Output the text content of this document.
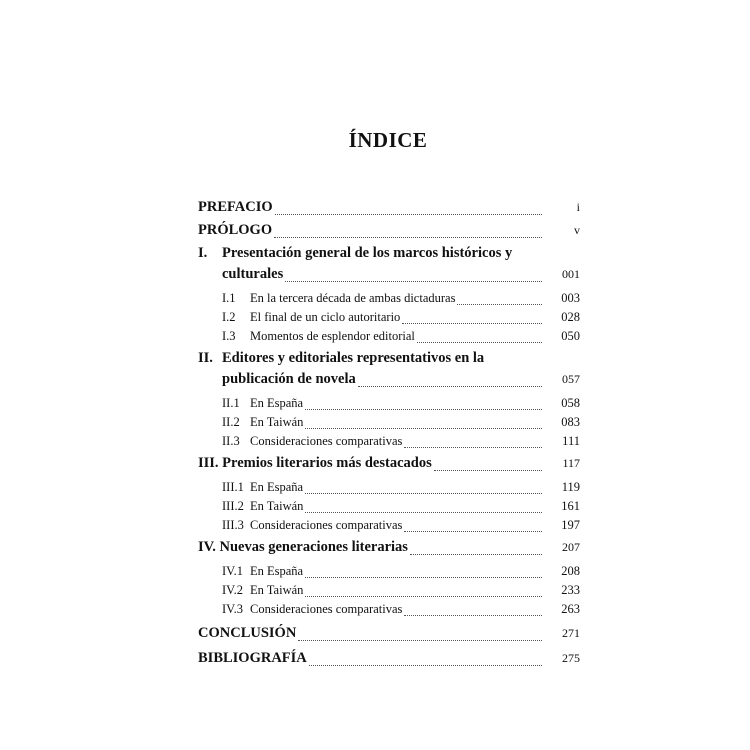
ÍNDICE
PREFACIO	i
PRÓLOGO	v
I. Presentación general de los marcos históricos y
culturales	001
I.1 En la tercera década de ambas dictaduras	003
I.2 El final de un ciclo autoritario	028
I.3 Momentos de esplendor editorial	050
II. Editores y editoriales representativos en la
publicación de novela	057
II.1 En España	058
II.2 En Taiwán	083
II.3 Consideraciones comparativas	111
III. Premios literarios más destacados	117
III.1 En España	119
III.2 En Taiwán	161
III.3 Consideraciones comparativas	197
IV. Nuevas generaciones literarias	207
IV.1 En España	208
IV.2 En Taiwán	233
IV.3 Consideraciones comparativas	263
CONCLUSIÓN	271
BIBLIOGRAFÍA	275
